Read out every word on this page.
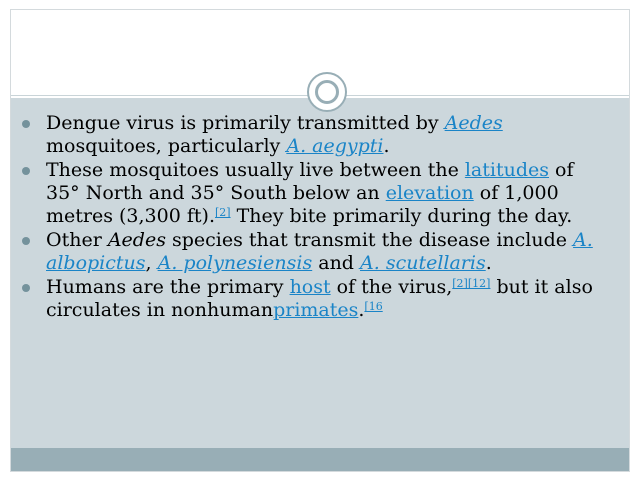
Dengue virus is primarily transmitted by Aedes mosquitoes, particularly A. aegypti.
These mosquitoes usually live between the latitudes of 35° North and 35° South below an elevation of 1,000 metres (3,300 ft).[2] They bite primarily during the day.
Other Aedes species that transmit the disease include A. albopictus, A. polynesiensis and A. scutellaris.
Humans are the primary host of the virus,[2][12] but it also circulates in nonhumanprimates.$^{[16}$
